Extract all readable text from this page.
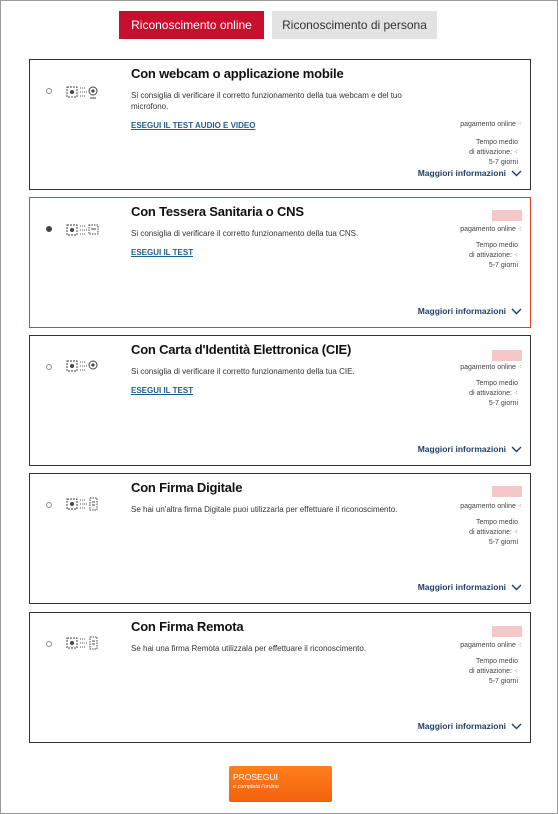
Riconoscimento online	Riconoscimento di persona
Con webcam o applicazione mobile
Si consiglia di verificare il corretto funzionamento della tua webcam e del tuo microfono.
ESEGUI IL TEST AUDIO E VIDEO	pagamento online ⁖
Tempo medio
di attivazione: ⁖
5-7 giorni
Maggiori informazioni
Con Tessera Sanitaria o CNS
Si consiglia di verificare il corretto funzionamento della tua CNS.
ESEGUI IL TEST
pagamento online ⁖
Tempo medio
di attivazione: ⁖
5-7 giorni
Maggiori informazioni
Con Carta d'Identità Elettronica (CIE)
Si consiglia di verificare il corretto funzionamento della tua CIE.
ESEGUI IL TEST
pagamento online ⁖
Tempo medio
di attivazione: ⁖
5-7 giorni
Maggiori informazioni
Con Firma Digitale
Se hai un'altra firma Digitale puoi utilizzarla per effettuare il riconoscimento.	pagamento online ⁖
Tempo medio
di attivazione: ⁖
5-7 giorni
Maggiori informazioni
Con Firma Remota
Se hai una firma Remota utilizzala per effettuare il riconoscimento.	pagamento online ⁖
Tempo medio
di attivazione: ⁖
5-7 giorni
Maggiori informazioni
PROSEGUI
e completa l'ordine
